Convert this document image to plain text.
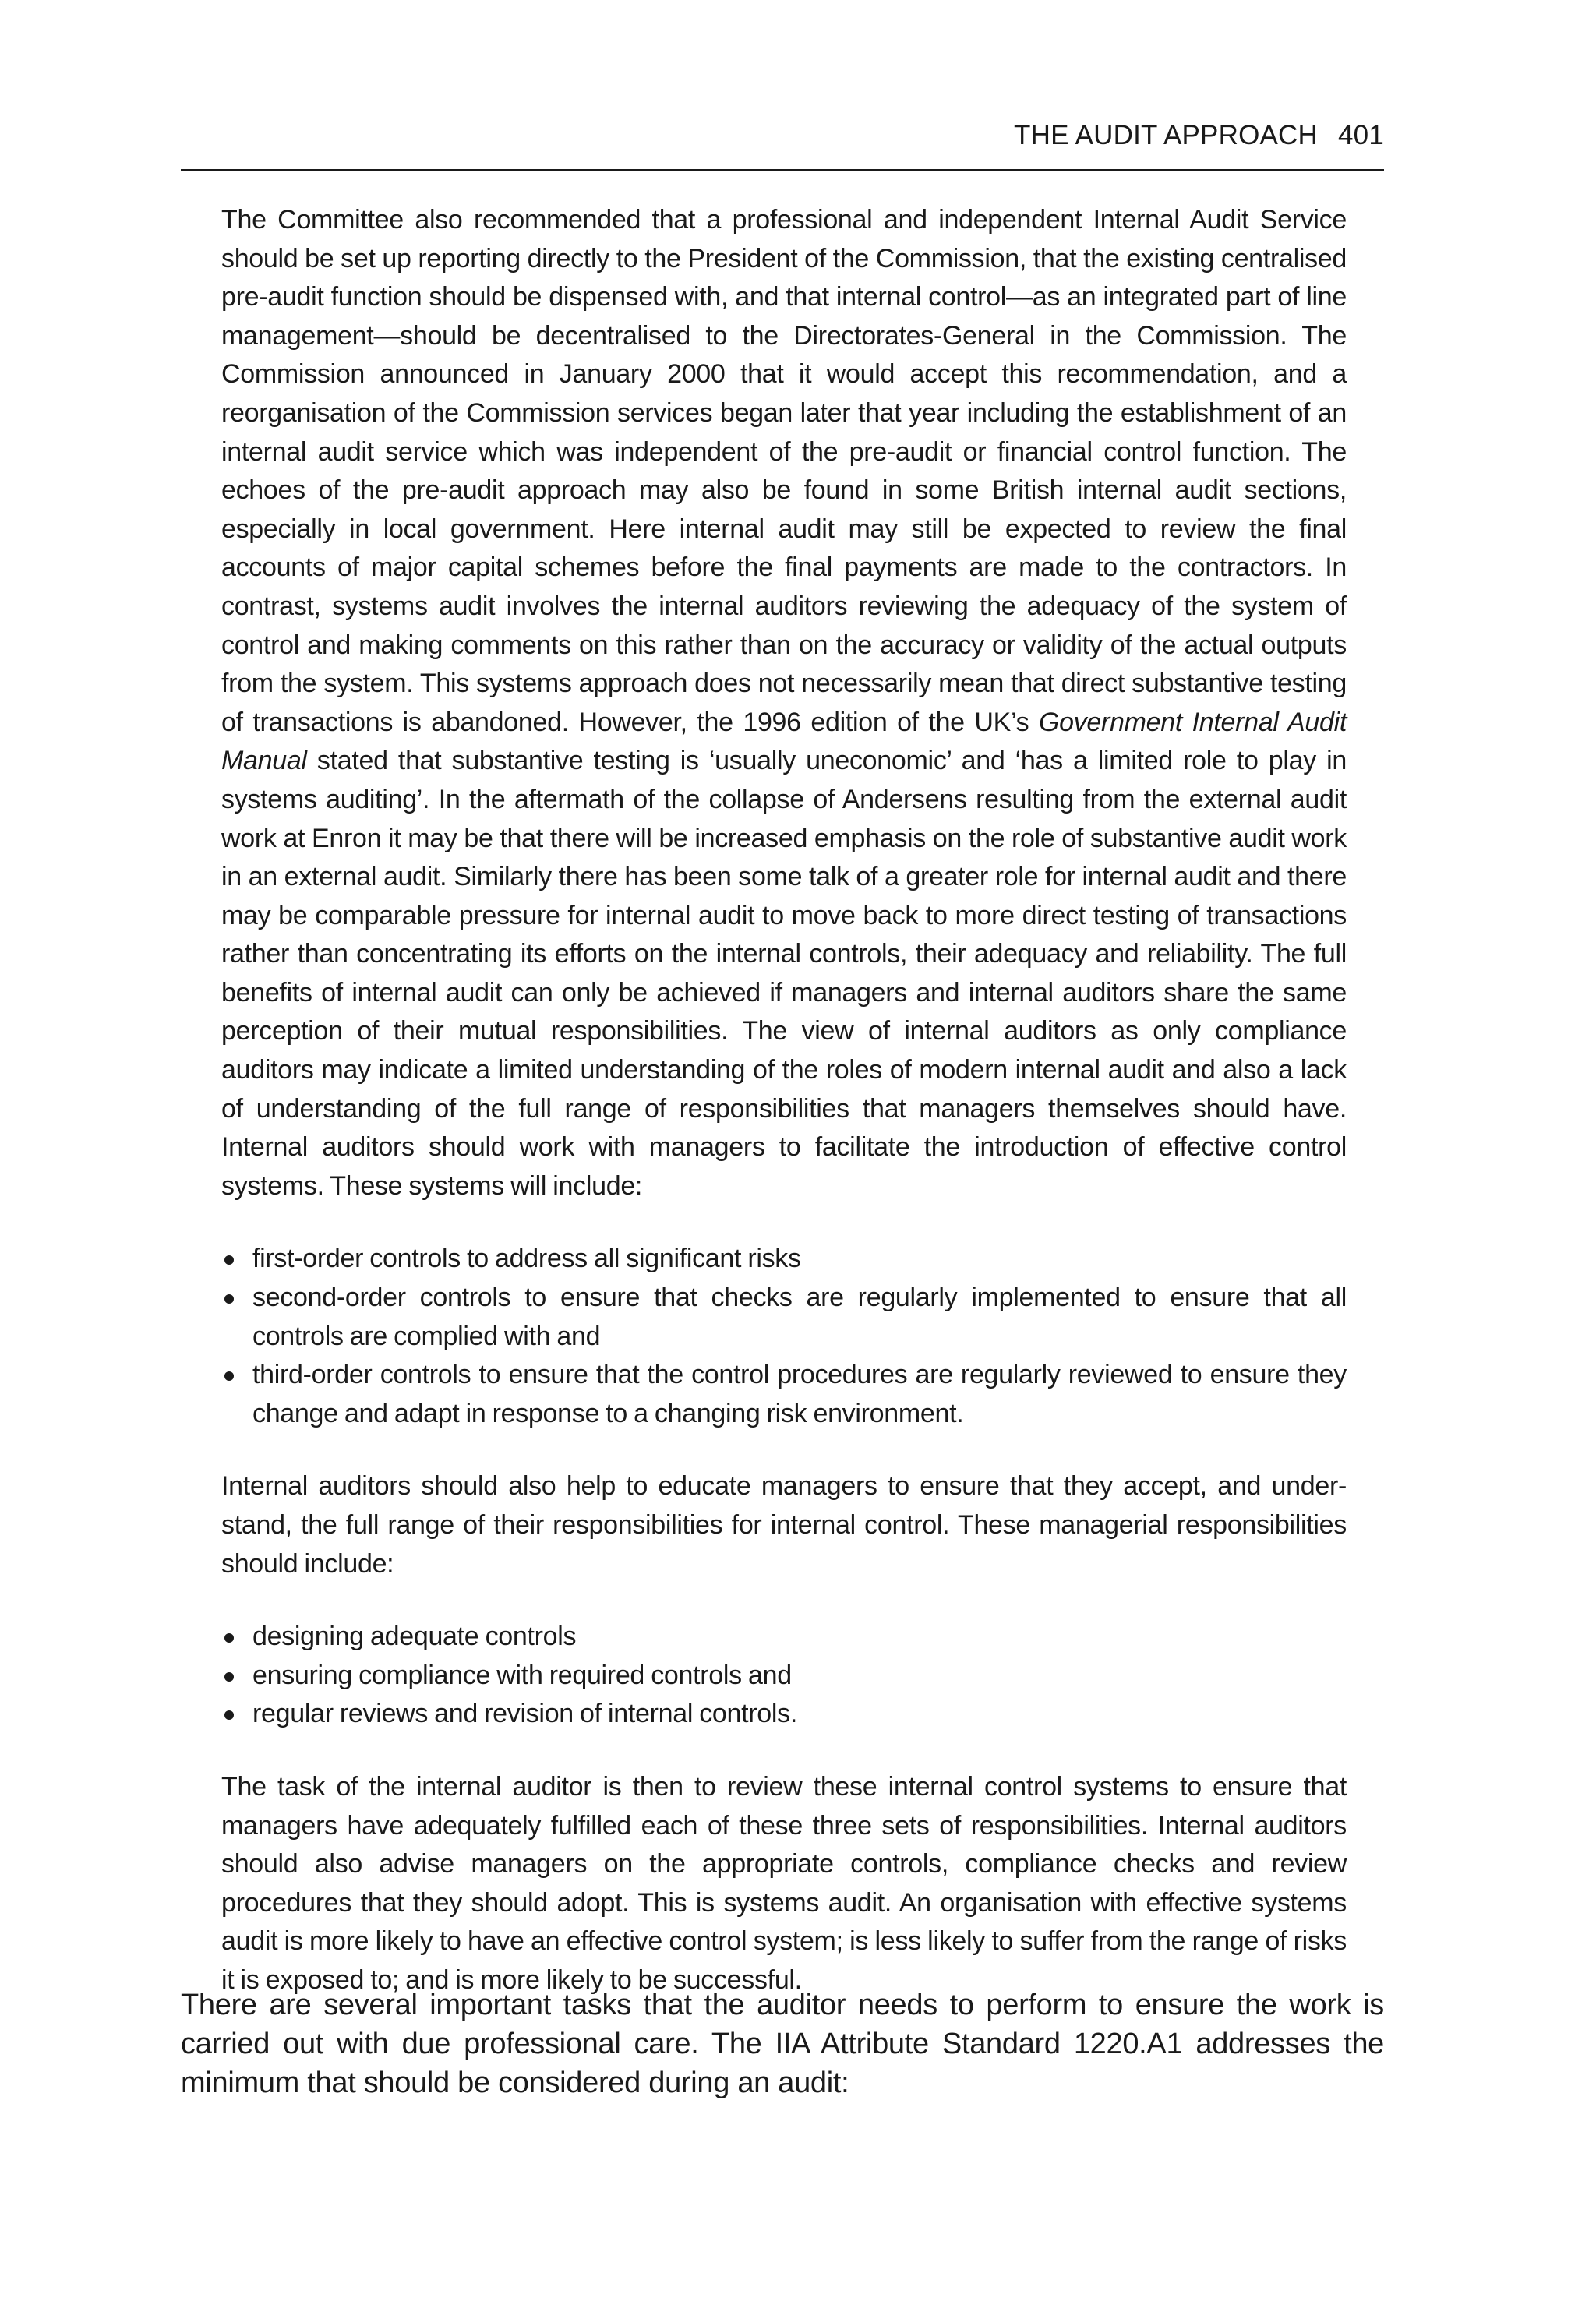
THE AUDIT APPROACH 401

The Committee also recommended that a professional and independent Internal Audit Service should be set up reporting directly to the President of the Commission, that the existing centralised pre-audit function should be dispensed with, and that internal control—as an integrated part of line management—should be decentralised to the Directorates-General in the Commission. The Commission announced in January 2000 that it would accept this recommendation, and a reorganisation of the Commission services began later that year including the establishment of an internal audit service which was independent of the pre-audit or financial control function. The echoes of the pre-audit approach may also be found in some British internal audit sections, especially in local government. Here internal audit may still be expected to review the final accounts of major capital schemes before the final payments are made to the contractors. In contrast, systems audit involves the internal auditors reviewing the adequacy of the system of control and making comments on this rather than on the accuracy or validity of the actual outputs from the system. This systems approach does not necessarily mean that direct substantive testing of transactions is abandoned. However, the 1996 edition of the UK’s Government Internal Audit Manual stated that substantive testing is ‘usually uneconomic’ and ‘has a limited role to play in systems auditing’. In the aftermath of the collapse of Andersens resulting from the external audit work at Enron it may be that there will be increased emphasis on the role of substantive audit work in an external audit. Similarly there has been some talk of a greater role for internal audit and there may be comparable pressure for internal audit to move back to more direct testing of transactions rather than concentrating its efforts on the internal controls, their adequacy and reliability. The full benefits of internal audit can only be achieved if managers and internal auditors share the same perception of their mutual responsibilities. The view of internal auditors as only compliance auditors may indicate a limited understanding of the roles of modern internal audit and also a lack of understanding of the full range of responsibilities that managers themselves should have. Internal auditors should work with managers to facilitate the introduction of effective control systems. These systems will include:

first-order controls to address all significant risks
second-order controls to ensure that checks are regularly implemented to ensure that all controls are complied with and
third-order controls to ensure that the control procedures are regularly reviewed to ensure they change and adapt in response to a changing risk environment.

Internal auditors should also help to educate managers to ensure that they accept, and under-stand, the full range of their responsibilities for internal control. These managerial responsibilities should include:

designing adequate controls
ensuring compliance with required controls and
regular reviews and revision of internal controls.

The task of the internal auditor is then to review these internal control systems to ensure that managers have adequately fulfilled each of these three sets of responsibilities. Internal auditors should also advise managers on the appropriate controls, compliance checks and review procedures that they should adopt. This is systems audit. An organisation with effective systems audit is more likely to have an effective control system; is less likely to suffer from the range of risks it is exposed to; and is more likely to be successful.

There are several important tasks that the auditor needs to perform to ensure the work is carried out with due professional care. The IIA Attribute Standard 1220.A1 addresses the minimum that should be considered during an audit:
